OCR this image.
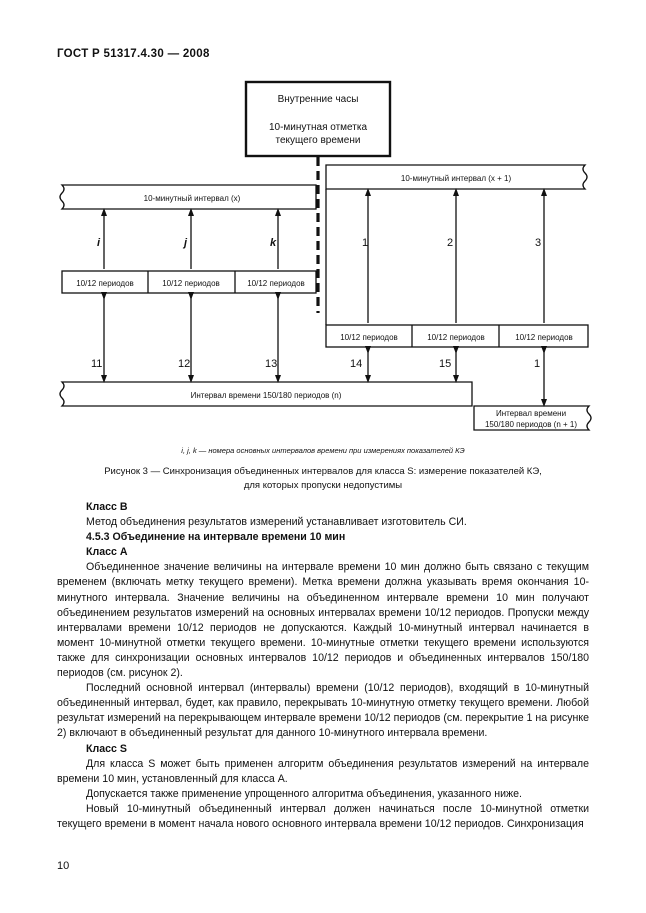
ГОСТ Р 51317.4.30 — 2008
Внутренние часы
10-минутная отметка
текущего времени
10-минутный интервал (x)
10-минутный интервал (x + 1)
i	j	k	1	2	3
10/12 периодов	10/12 периодов	10/12 периодов
10/12 периодов	10/12 периодов	10/12 периодов
11	12	13	14	15	1
Интервал времени 150/180 периодов (n)
Интервал времени
150/180 периодов (n + 1)
i, j, k — номера основных интервалов времени при измерениях показателей КЭ
Рисунок 3 — Синхронизация объединенных интервалов для класса S: измерение показателей КЭ,
для которых пропуски недопустимы

Класс В

Метод объединения результатов измерений устанавливает изготовитель СИ.

4.5.3 Объединение на интервале времени 10 мин

Класс А

Объединенное значение величины на интервале времени 10 мин должно быть связано с текущим временем (включать метку текущего времени). Метка времени должна указывать время окончания 10-минутного интервала. Значение величины на объединенном интервале времени 10 мин получают объединением результатов измерений на основных интервалах времени 10/12 периодов. Пропуски между интервалами времени 10/12 периодов не допускаются. Каждый 10-минутный интервал начинается в момент 10-минутной отметки текущего времени. 10-минутные отметки текущего времени используются также для синхронизации основных интервалов 10/12 периодов и объединенных интервалов 150/180 периодов (см. рисунок 2).

Последний основной интервал (интервалы) времени (10/12 периодов), входящий в 10-минутный объединенный интервал, будет, как правило, перекрывать 10-минутную отметку текущего времени. Любой результат измерений на перекрывающем интервале времени 10/12 периодов (см. перекрытие 1 на рисунке 2) включают в объединенный результат для данного 10-минутного интервала времени.

Класс S

Для класса S может быть применен алгоритм объединения результатов измерений на интервале времени 10 мин, установленный для класса А.

Допускается также применение упрощенного алгоритма объединения, указанного ниже.

Новый 10-минутный объединенный интервал должен начинаться после 10-минутной отметки текущего времени в момент начала нового основного интервала времени 10/12 периодов. Синхронизация

10
